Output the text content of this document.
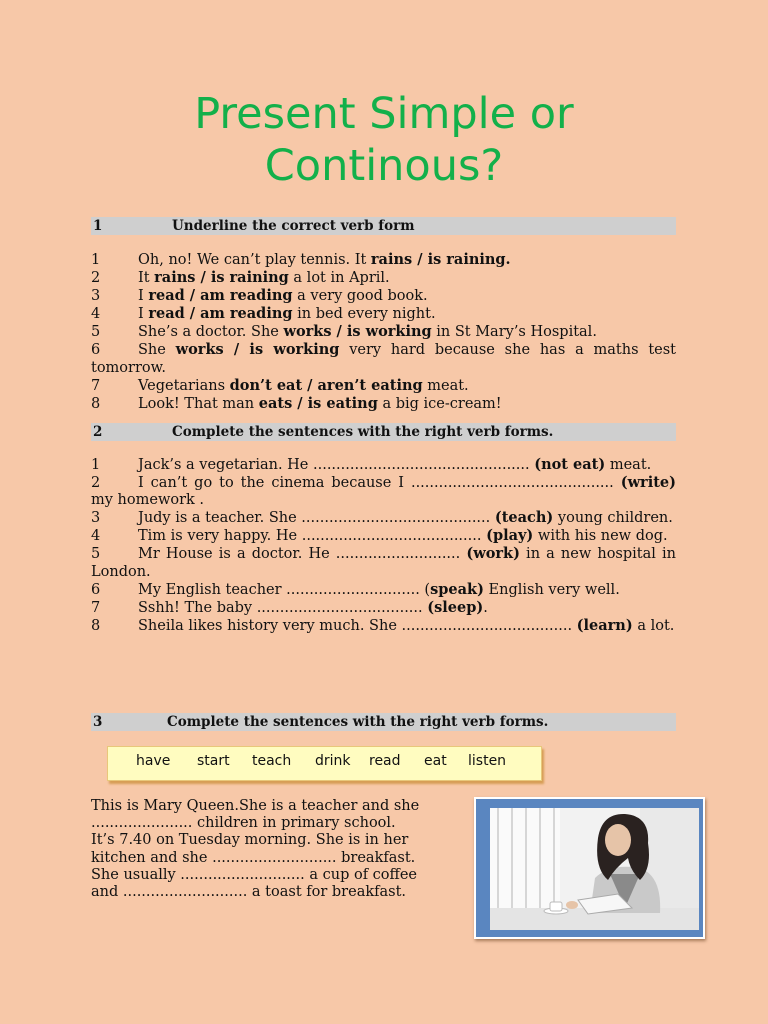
Present Simple or
Continous?
1	Underline the correct verb form
1	Oh, no! We can’t play tennis. It rains / is raining.
2	It rains / is raining a lot in April.
3	I read / am reading a very good book.
4	I read / am reading in bed every night.
5	She’s a doctor. She works / is working in St Mary’s Hospital.
6	She works / is working very hard because she has a maths test tomorrow.
7	Vegetarians don’t eat / aren’t eating meat.
8	Look! That man eats / is eating a big ice-cream!
2	Complete the sentences with the right verb forms.
1	Jack’s a vegetarian. He ............................................... (not eat) meat.
2	I can’t go to the cinema because I ............................................ (write) my homework .
3	Judy is a teacher. She ......................................... (teach) young children.
4	Tim is very happy. He ....................................... (play) with his new dog.
5	Mr House is a doctor. He ........................... (work) in a new hospital in London.
6	My English teacher ............................. (speak) English very well.
7	Sshh! The baby .................................... (sleep).
8	Sheila likes history very much. She ..................................... (learn) a lot.
3	Complete the sentences with the right verb forms.
have start teach drink read eat listen
This is Mary Queen.She is a teacher and she
...................... children in primary school.
It’s 7.40 on Tuesday morning. She is in her
kitchen and she ........................... breakfast.
She usually ........................... a cup of coffee
and ........................... a toast for breakfast.
